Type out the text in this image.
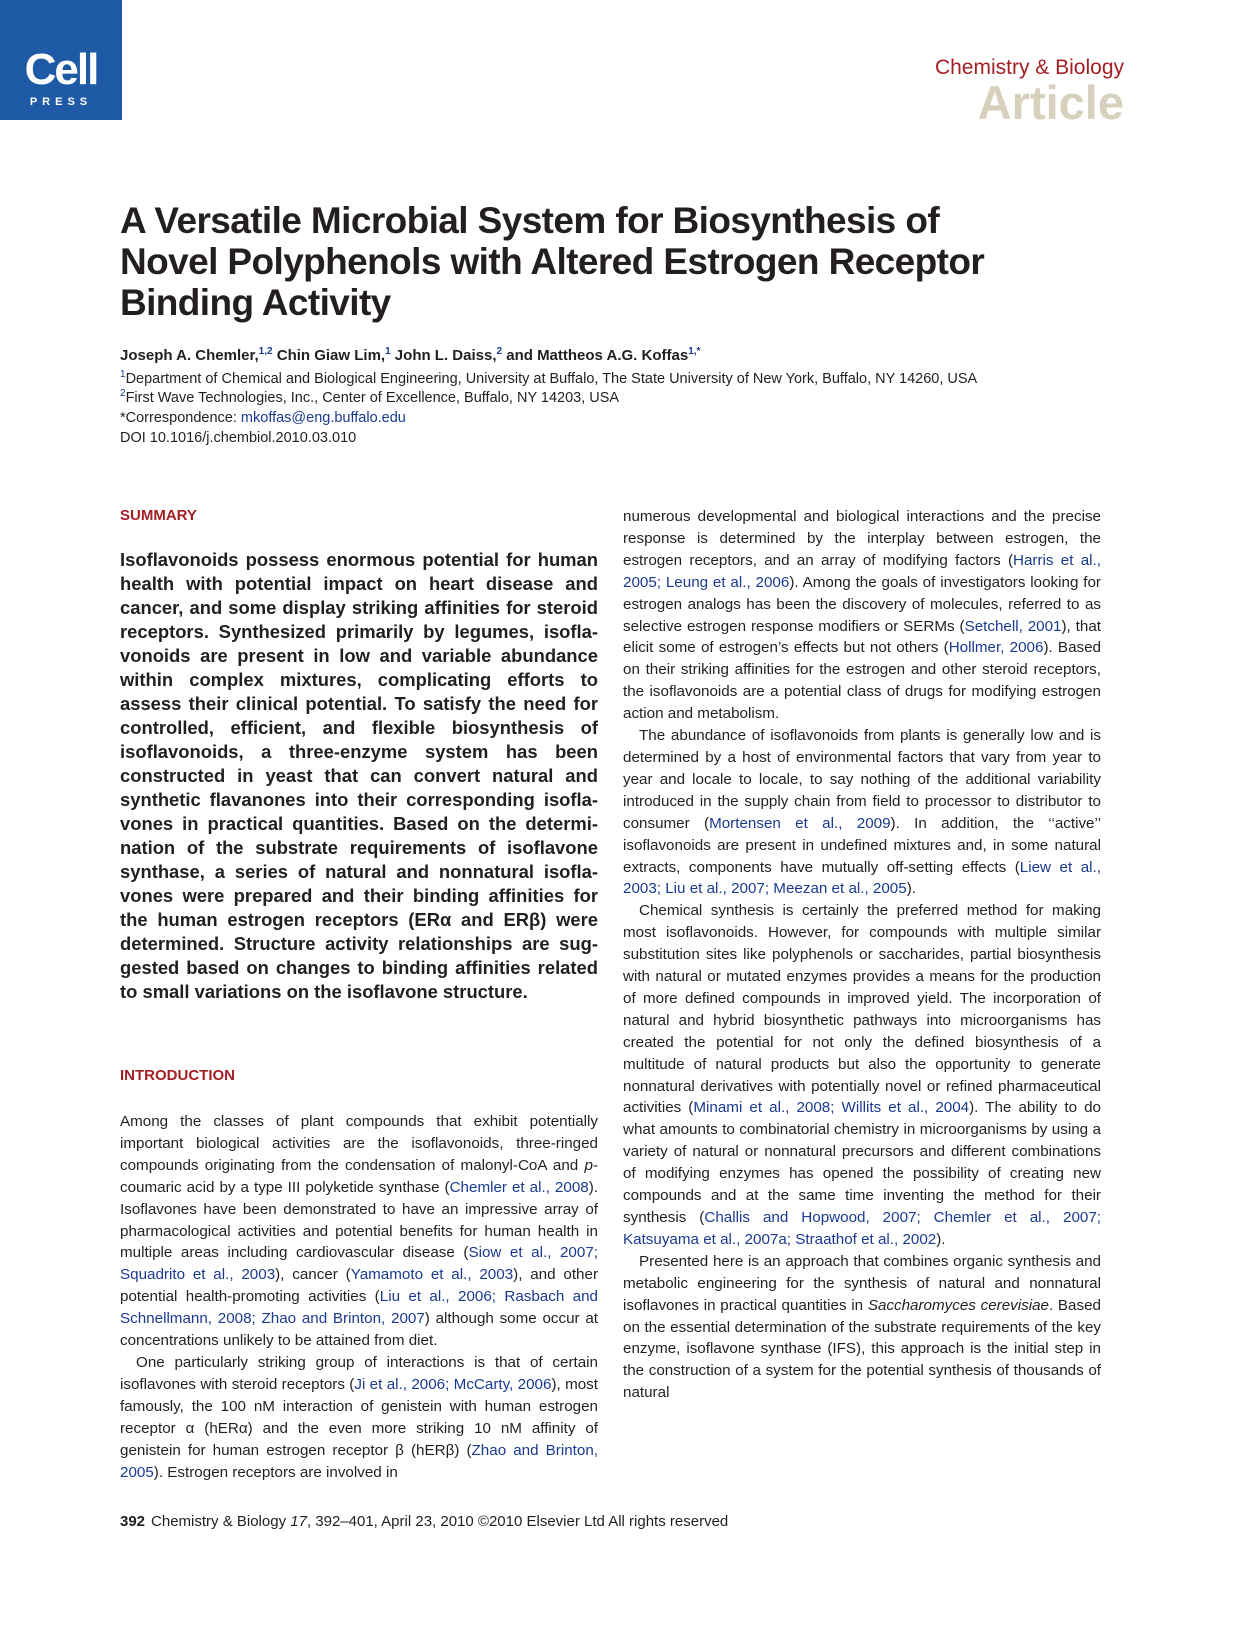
Cell
PRESS
Chemistry & Biology
Article
A Versatile Microbial System for Biosynthesis of Novel Polyphenols with Altered Estrogen Receptor Binding Activity
Joseph A. Chemler,$^{1,2}$ Chin Giaw Lim,$^1$ John L. Daiss,$^2$ and Mattheos A.G. Koffas$^{1,*}$
$^1$Department of Chemical and Biological Engineering, University at Buffalo, The State University of New York, Buffalo, NY 14260, USA
$^2$First Wave Technologies, Inc., Center of Excellence, Buffalo, NY 14203, USA
*Correspondence: mkoffas@eng.buffalo.edu
DOI 10.1016/j.chembiol.2010.03.010
SUMMARY

Isoflavonoids possess enormous potential for human health with potential impact on heart disease and cancer, and some display striking affinities for steroid receptors. Synthesized primarily by legumes, isoflavonoids are present in low and variable abundance within complex mixtures, complicating efforts to assess their clinical potential. To satisfy the need for controlled, efficient, and flexible biosynthesis of isoflavonoids, a three-enzyme system has been constructed in yeast that can convert natural and synthetic flavanones into their corresponding isoflavones in practical quantities. Based on the determination of the substrate requirements of isoflavone synthase, a series of natural and nonnatural isoflavones were prepared and their binding affinities for the human estrogen receptors (ERα and ERβ) were determined. Structure activity relationships are suggested based on changes to binding affinities related to small variations on the isoflavone structure.

INTRODUCTION

Among the classes of plant compounds that exhibit potentially important biological activities are the isoflavonoids, three-ringed compounds originating from the condensation of malonyl-CoA and p-coumaric acid by a type III polyketide synthase (Chemler et al., 2008). Isoflavones have been demonstrated to have an impressive array of pharmacological activities and potential benefits for human health in multiple areas including cardiovascular disease (Siow et al., 2007; Squadrito et al., 2003), cancer (Yamamoto et al., 2003), and other potential health-promoting activities (Liu et al., 2006; Rasbach and Schnellmann, 2008; Zhao and Brinton, 2007) although some occur at concentrations unlikely to be attained from diet.

One particularly striking group of interactions is that of certain isoflavones with steroid receptors (Ji et al., 2006; McCarty, 2006), most famously, the 100 nM interaction of genistein with human estrogen receptor α (hERα) and the even more striking 10 nM affinity of genistein for human estrogen receptor β (hERβ) (Zhao and Brinton, 2005). Estrogen receptors are involved in

numerous developmental and biological interactions and the precise response is determined by the interplay between estrogen, the estrogen receptors, and an array of modifying factors (Harris et al., 2005; Leung et al., 2006). Among the goals of investigators looking for estrogen analogs has been the discovery of molecules, referred to as selective estrogen response modifiers or SERMs (Setchell, 2001), that elicit some of estrogen’s effects but not others (Hollmer, 2006). Based on their striking affinities for the estrogen and other steroid receptors, the isoflavonoids are a potential class of drugs for modifying estrogen action and metabolism.

The abundance of isoflavonoids from plants is generally low and is determined by a host of environmental factors that vary from year to year and locale to locale, to say nothing of the additional variability introduced in the supply chain from field to processor to distributor to consumer (Mortensen et al., 2009). In addition, the ‘‘active’’ isoflavonoids are present in undefined mixtures and, in some natural extracts, components have mutually off-setting effects (Liew et al., 2003; Liu et al., 2007; Meezan et al., 2005).

Chemical synthesis is certainly the preferred method for making most isoflavonoids. However, for compounds with multiple similar substitution sites like polyphenols or saccharides, partial biosynthesis with natural or mutated enzymes provides a means for the production of more defined compounds in improved yield. The incorporation of natural and hybrid biosynthetic pathways into microorganisms has created the potential for not only the defined biosynthesis of a multitude of natural products but also the opportunity to generate nonnatural derivatives with potentially novel or refined pharmaceutical activities (Minami et al., 2008; Willits et al., 2004). The ability to do what amounts to combinatorial chemistry in microorganisms by using a variety of natural or nonnatural precursors and different combinations of modifying enzymes has opened the possibility of creating new compounds and at the same time inventing the method for their synthesis (Challis and Hopwood, 2007; Chemler et al., 2007; Katsuyama et al., 2007a; Straathof et al., 2002).

Presented here is an approach that combines organic synthesis and metabolic engineering for the synthesis of natural and nonnatural isoflavones in practical quantities in Saccharomyces cerevisiae. Based on the essential determination of the substrate requirements of the key enzyme, isoflavone synthase (IFS), this approach is the initial step in the construction of a system for the potential synthesis of thousands of natural

392 Chemistry & Biology 17, 392–401, April 23, 2010 ©2010 Elsevier Ltd All rights reserved
